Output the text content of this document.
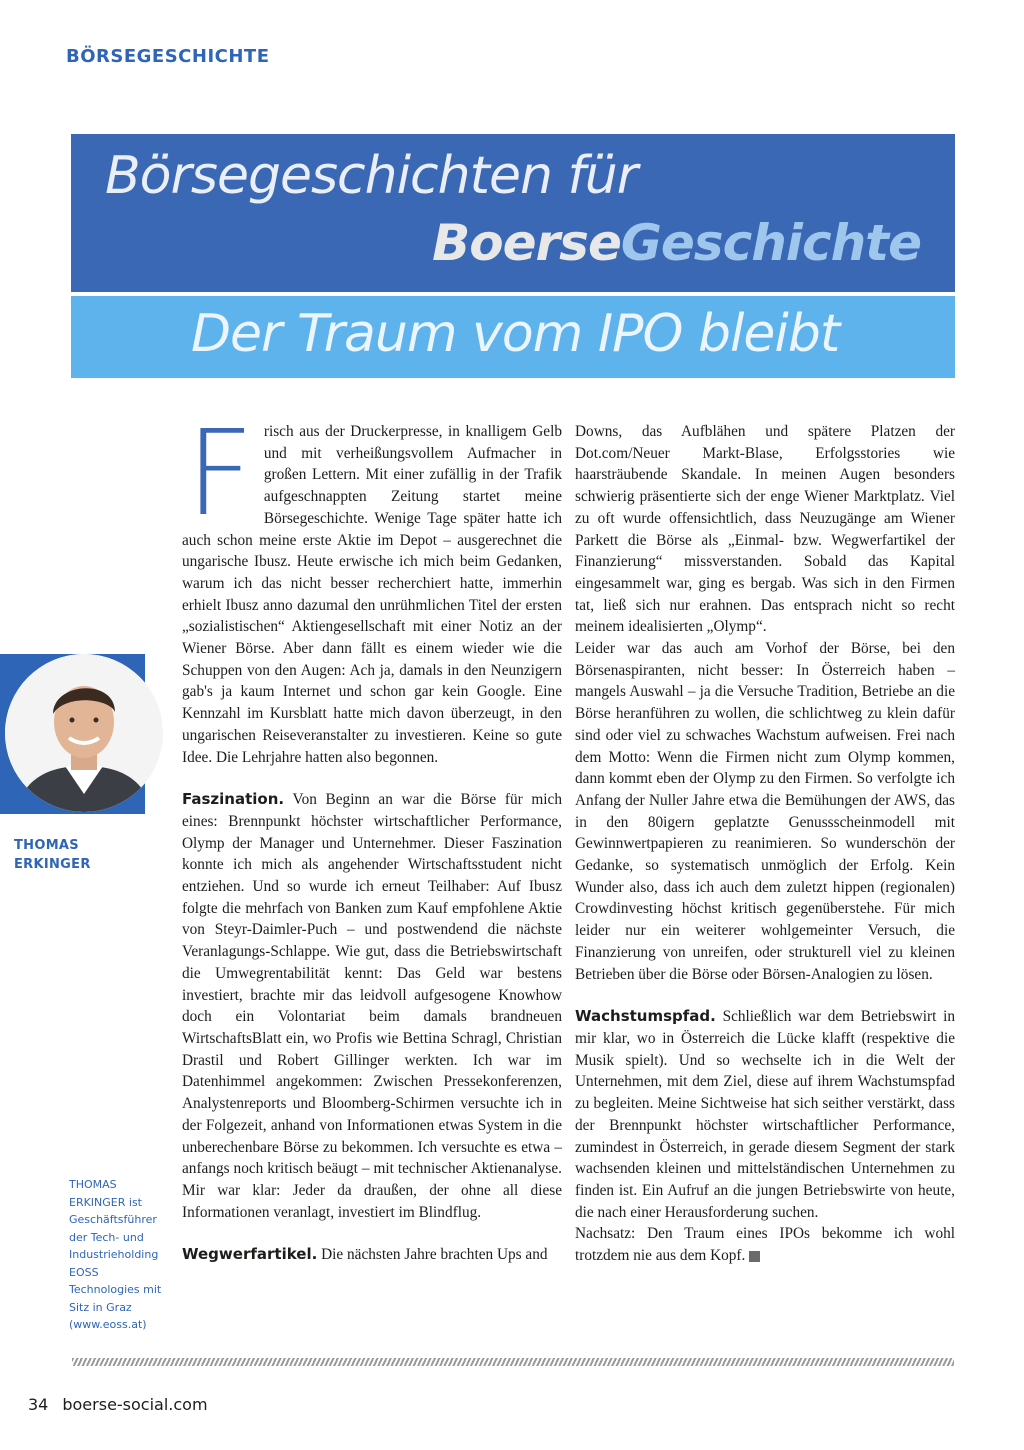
BÖRSEGESCHICHTE
Börsegeschichten für
BoerseGeschichte
Der Traum vom IPO bleibt
THOMAS
ERKINGER
THOMAS ERKINGER ist Geschäftsführer der Tech- und Industrieholding EOSS Technologies mit Sitz in Graz (www.eoss.at)

Frisch aus der Druckerpresse, in knalligem Gelb und mit verheißungsvollem Aufmacher in großen Lettern. Mit einer zufällig in der Trafik aufgeschnappten Zeitung startet meine Börsegeschichte. Wenige Tage später hatte ich auch schon meine erste Aktie im Depot – ausgerechnet die ungarische Ibusz. Heute erwische ich mich beim Gedanken, warum ich das nicht besser recherchiert hatte, immerhin erhielt Ibusz anno dazumal den unrühmlichen Titel der ersten „sozialistischen“ Aktiengesellschaft mit einer Notiz an der Wiener Börse. Aber dann fällt es einem wieder wie die Schuppen von den Augen: Ach ja, damals in den Neunzigern gab's ja kaum Internet und schon gar kein Google. Eine Kennzahl im Kursblatt hatte mich davon überzeugt, in den ungarischen Reiseveranstalter zu investieren. Keine so gute Idee. Die Lehrjahre hatten also begonnen.

Faszination. Von Beginn an war die Börse für mich eines: Brennpunkt höchster wirtschaftlicher Performance, Olymp der Manager und Unternehmer. Dieser Faszination konnte ich mich als angehender Wirtschaftsstudent nicht entziehen. Und so wurde ich erneut Teilhaber: Auf Ibusz folgte die mehrfach von Banken zum Kauf empfohlene Aktie von Steyr-Daimler-Puch – und postwendend die nächste Veranlagungs-Schlappe. Wie gut, dass die Betriebswirtschaft die Umwegrentabilität kennt: Das Geld war bestens investiert, brachte mir das leidvoll aufgesogene Knowhow doch ein Volontariat beim damals brandneuen WirtschaftsBlatt ein, wo Profis wie Bettina Schragl, Christian Drastil und Robert Gillinger werkten. Ich war im Datenhimmel angekommen: Zwischen Pressekonferenzen, Analystenreports und Bloomberg-Schirmen versuchte ich in der Folgezeit, anhand von Informationen etwas System in die unberechenbare Börse zu bekommen. Ich versuchte es etwa – anfangs noch kritisch beäugt – mit technischer Aktienanalyse. Mir war klar: Jeder da draußen, der ohne all diese Informationen veranlagt, investiert im Blindflug.

Wegwerfartikel. Die nächsten Jahre brachten Ups and

Downs, das Aufblähen und spätere Platzen der Dot.com/Neuer Markt-Blase, Erfolgsstories wie haarsträubende Skandale. In meinen Augen besonders schwierig präsentierte sich der enge Wiener Marktplatz. Viel zu oft wurde offensichtlich, dass Neuzugänge am Wiener Parkett die Börse als „Einmal- bzw. Wegwerfartikel der Finanzierung“ missverstanden. Sobald das Kapital eingesammelt war, ging es bergab. Was sich in den Firmen tat, ließ sich nur erahnen. Das entsprach nicht so recht meinem idealisierten „Olymp“.

Leider war das auch am Vorhof der Börse, bei den Börsenaspiranten, nicht besser: In Österreich haben – mangels Auswahl – ja die Versuche Tradition, Betriebe an die Börse heranführen zu wollen, die schlichtweg zu klein dafür sind oder viel zu schwaches Wachstum aufweisen. Frei nach dem Motto: Wenn die Firmen nicht zum Olymp kommen, dann kommt eben der Olymp zu den Firmen. So verfolgte ich Anfang der Nuller Jahre etwa die Bemühungen der AWS, das in den 80igern geplatzte Genussscheinmodell mit Gewinnwertpapieren zu reanimieren. So wunderschön der Gedanke, so systematisch unmöglich der Erfolg. Kein Wunder also, dass ich auch dem zuletzt hippen (regionalen) Crowdinvesting höchst kritisch gegenüberstehe. Für mich leider nur ein weiterer wohlgemeinter Versuch, die Finanzierung von unreifen, oder strukturell viel zu kleinen Betrieben über die Börse oder Börsen-Analogien zu lösen.

Wachstumspfad. Schließlich war dem Betriebswirt in mir klar, wo in Österreich die Lücke klafft (respektive die Musik spielt). Und so wechselte ich in die Welt der Unternehmen, mit dem Ziel, diese auf ihrem Wachstumspfad zu begleiten. Meine Sichtweise hat sich seither verstärkt, dass der Brennpunkt höchster wirtschaftlicher Performance, zumindest in Österreich, in gerade diesem Segment der stark wachsenden kleinen und mittelständischen Unternehmen zu finden ist. Ein Aufruf an die jungen Betriebswirte von heute, die nach einer Herausforderung suchen.

Nachsatz: Den Traum eines IPOs bekomme ich wohl trotzdem nie aus dem Kopf.

34 boerse-social.com
